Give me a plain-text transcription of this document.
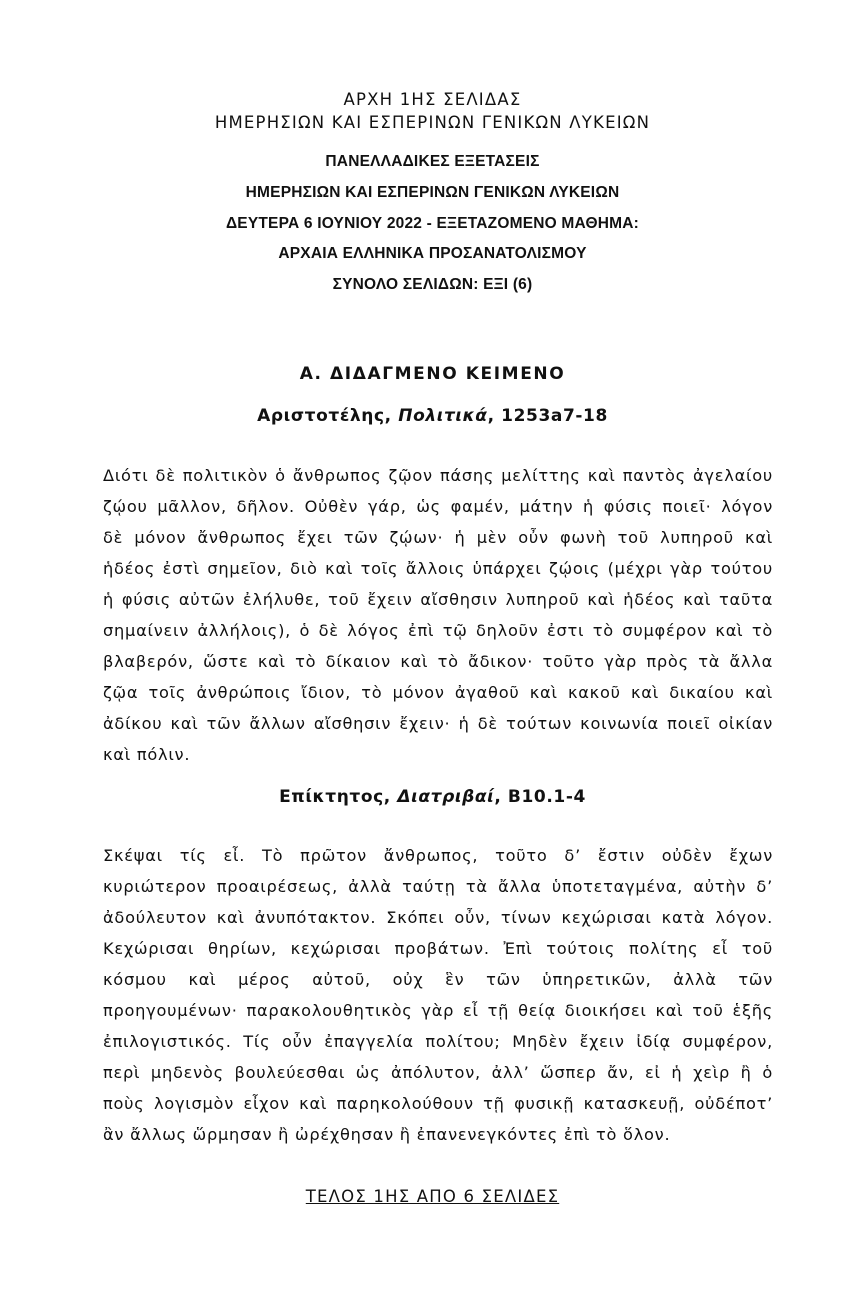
ΑΡΧΗ 1ΗΣ ΣΕΛΙΔΑΣ
ΗΜΕΡΗΣΙΩΝ ΚΑΙ ΕΣΠΕΡΙΝΩΝ ΓΕΝΙΚΩΝ ΛΥΚΕΙΩΝ
ΠΑΝΕΛΛΑΔΙΚΕΣ ΕΞΕΤΑΣΕΙΣ
ΗΜΕΡΗΣΙΩΝ ΚΑΙ ΕΣΠΕΡΙΝΩΝ ΓΕΝΙΚΩΝ ΛΥΚΕΙΩΝ
ΔΕΥΤΕΡΑ 6 ΙΟΥΝΙΟΥ 2022 - ΕΞΕΤΑΖΟΜΕΝΟ ΜΑΘΗΜΑ:
ΑΡΧΑΙΑ ΕΛΛΗΝΙΚΑ ΠΡΟΣΑΝΑΤΟΛΙΣΜΟΥ
ΣΥΝΟΛΟ ΣΕΛΙΔΩΝ: ΕΞΙ (6)
Α. ΔΙΔΑΓΜΕΝΟ ΚΕΙΜΕΝΟ
Αριστοτέλης, Πολιτικά, 1253a7-18
Διότι δὲ πολιτικὸν ὁ ἄνθρωπος ζῷον πάσης μελίττης καὶ παντὸς ἀγελαίου
ζῴου μᾶλλον, δῆλον. Οὐθὲν γάρ, ὡς φαμέν, μάτην ἡ φύσις ποιεῖ· λόγον
δὲ μόνον ἄνθρωπος ἔχει τῶν ζῴων· ἡ μὲν οὖν φωνὴ τοῦ λυπηροῦ καὶ
ἡδέος ἐστὶ σημεῖον, διὸ καὶ τοῖς ἄλλοις ὑπάρχει ζῴοις (μέχρι γὰρ τούτου
ἡ φύσις αὐτῶν ἐλήλυθε, τοῦ ἔχειν αἴσθησιν λυπηροῦ καὶ ἡδέος καὶ ταῦτα
σημαίνειν ἀλλήλοις), ὁ δὲ λόγος ἐπὶ τῷ δηλοῦν ἐστι τὸ συμφέρον καὶ τὸ
βλαβερόν, ὥστε καὶ τὸ δίκαιον καὶ τὸ ἄδικον· τοῦτο γὰρ πρὸς τὰ ἄλλα
ζῷα τοῖς ἀνθρώποις ἴδιον, τὸ μόνον ἀγαθοῦ καὶ κακοῦ καὶ δικαίου καὶ
ἀδίκου καὶ τῶν ἄλλων αἴσθησιν ἔχειν· ἡ δὲ τούτων κοινωνία ποιεῖ οἰκίαν
καὶ πόλιν.
Επίκτητος, Διατριβαί, Β10.1-4
Σκέψαι τίς εἶ. Τὸ πρῶτον ἄνθρωπος, τοῦτο δ’ ἔστιν οὐδὲν ἔχων
κυριώτερον προαιρέσεως, ἀλλὰ ταύτῃ τὰ ἄλλα ὑποτεταγμένα, αὐτὴν δ’
ἀδούλευτον καὶ ἀνυπότακτον. Σκόπει οὖν, τίνων κεχώρισαι κατὰ λόγον.
Κεχώρισαι θηρίων, κεχώρισαι προβάτων. Ἐπὶ τούτοις πολίτης εἶ τοῦ
κόσμου καὶ μέρος αὐτοῦ, οὐχ ἓν τῶν ὑπηρετικῶν, ἀλλὰ τῶν
προηγουμένων· παρακολουθητικὸς γὰρ εἶ τῇ θείᾳ διοικήσει καὶ τοῦ ἑξῆς
ἐπιλογιστικός. Τίς οὖν ἐπαγγελία πολίτου; Μηδὲν ἔχειν ἰδίᾳ συμφέρον,
περὶ μηδενὸς βουλεύεσθαι ὡς ἀπόλυτον, ἀλλ’ ὥσπερ ἄν, εἰ ἡ χεὶρ ἢ ὁ
ποὺς λογισμὸν εἶχον καὶ παρηκολούθουν τῇ φυσικῇ κατασκευῇ, οὐδέποτ’
ἂν ἄλλως ὥρμησαν ἢ ὠρέχθησαν ἢ ἐπανενεγκόντες ἐπὶ τὸ ὅλον.
ΤΕΛΟΣ 1ΗΣ ΑΠΟ 6 ΣΕΛΙΔΕΣ
